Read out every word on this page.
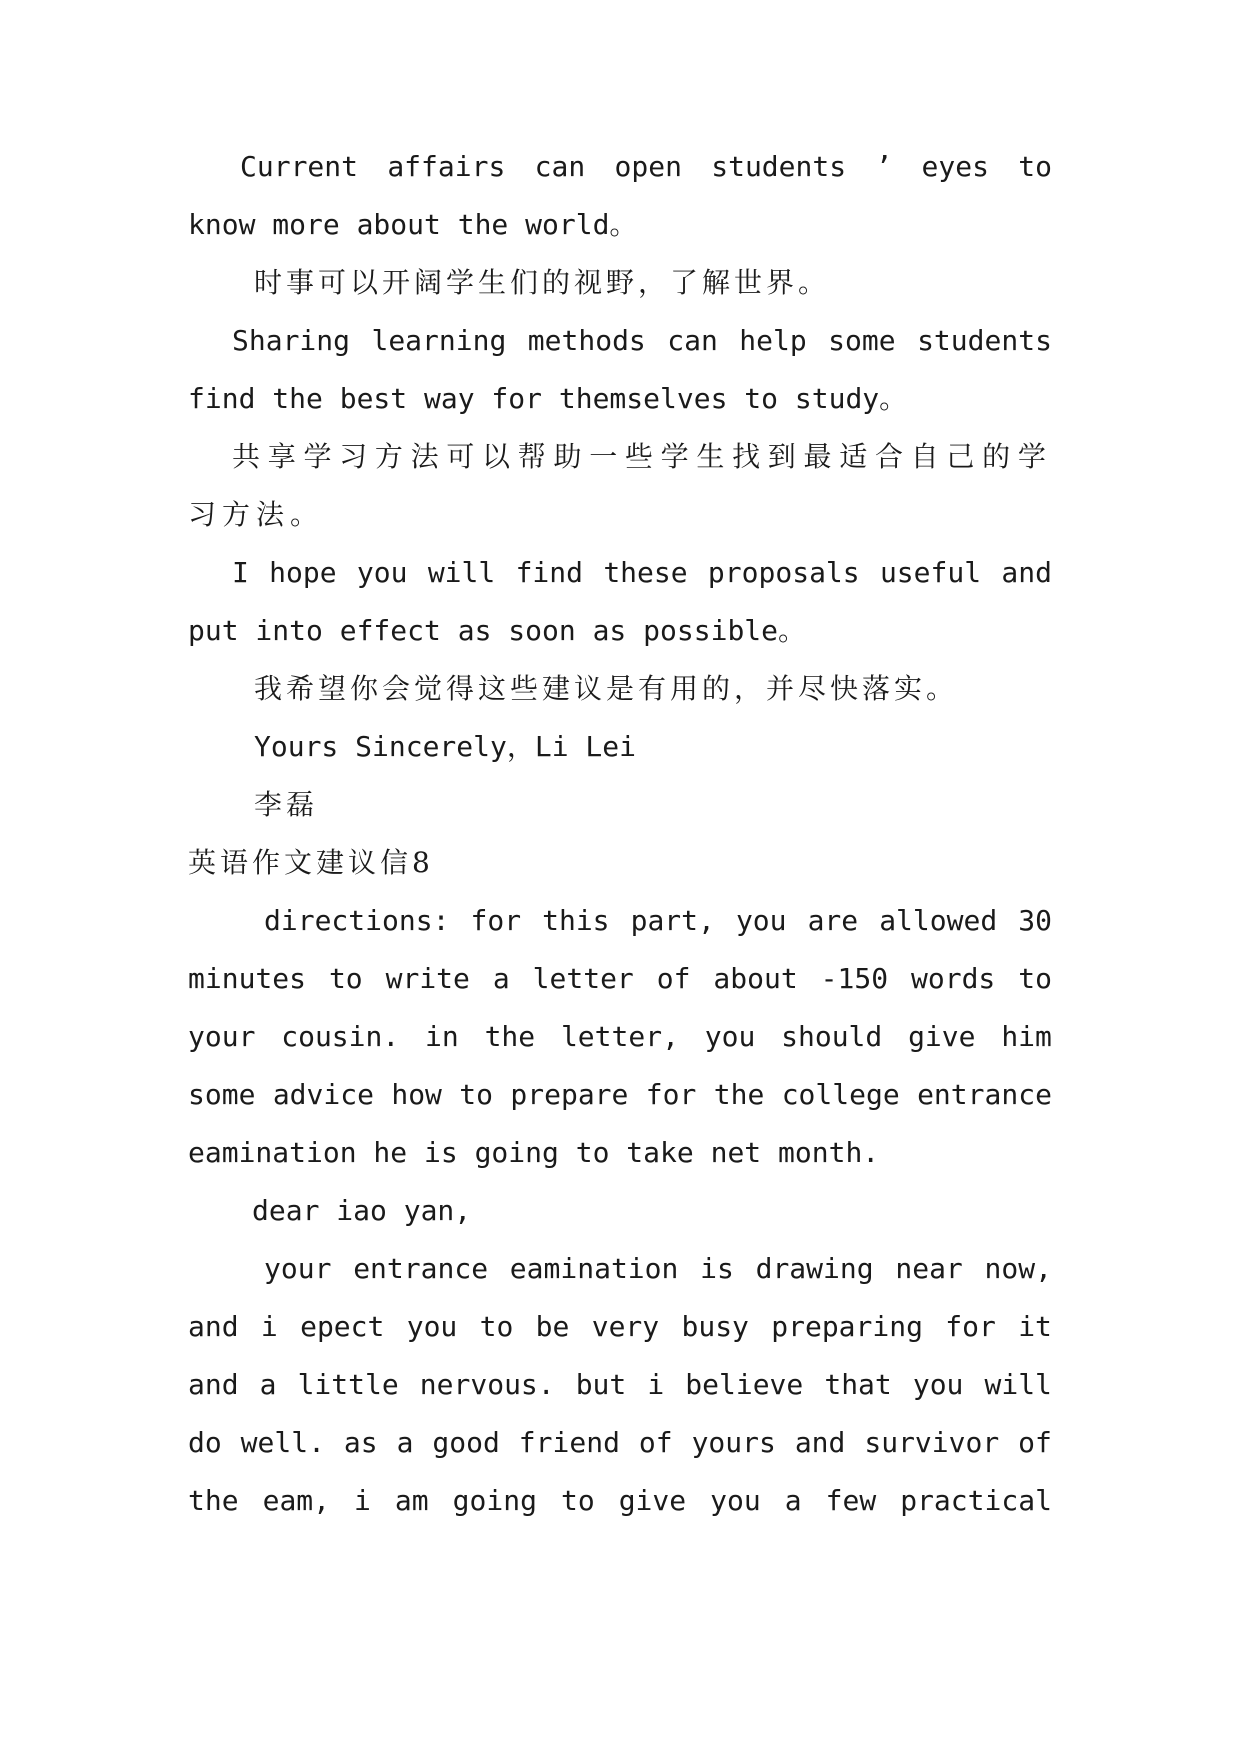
Current affairs can open students ’ eyes to
know more about the world。
时事可以开阔学生们的视野，了解世界。
Sharing learning methods can help some students
find the best way for themselves to study。
共 享 学 习 方 法 可 以 帮 助 一 些 学 生 找 到 最 适 合 自 己 的 学
习方法。
I hope you will find these proposals useful and
put into effect as soon as possible。
我希望你会觉得这些建议是有用的，并尽快落实。
Yours Sincerely，Li Lei
李磊
英语作文建议信8
directions: for this part, you are allowed 30
minutes to write a letter of about -150 words to
your cousin. in the letter, you should give him
some advice how to prepare for the college entrance
eamination he is going to take net month.
dear iao yan,
your entrance eamination is drawing near now,
and i epect you to be very busy preparing for it
and a little nervous. but i believe that you will
do well. as a good friend of yours and survivor of
the eam, i am going to give you a few practical
